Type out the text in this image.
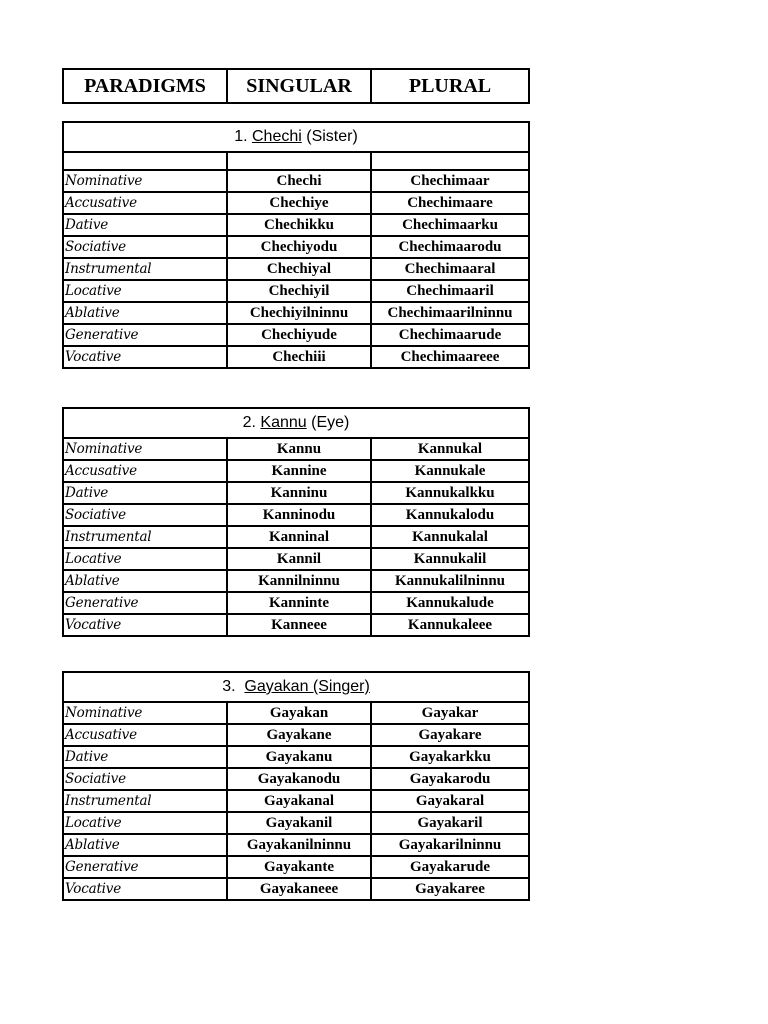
PARADIGMS	SINGULAR	PLURAL
1. Chechi (Sister)		

Nominative	Chechi	Chechimaar
Accusative	Chechiye	Chechimaare
Dative	Chechikku	Chechimaarku
Sociative	Chechiyodu	Chechimaarodu
Instrumental	Chechiyal	Chechimaaral
Locative	Chechiyil	Chechimaaril
Ablative	Chechiyilninnu	Chechimaarilninnu
Generative	Chechiyude	Chechimaarude
Vocative	Chechiii	Chechimaareee
2. Kannu (Eye)		
Nominative	Kannu	Kannukal
Accusative	Kannine	Kannukale
Dative	Kanninu	Kannukalkku
Sociative	Kanninodu	Kannukalodu
Instrumental	Kanninal	Kannukalal
Locative	Kannil	Kannukalil
Ablative	Kannilninnu	Kannukalilninnu
Generative	Kanninte	Kannukalude
Vocative	Kanneee	Kannukaleee
3. Gayakan (Singer)		
Nominative	Gayakan	Gayakar
Accusative	Gayakane	Gayakare
Dative	Gayakanu	Gayakarkku
Sociative	Gayakanodu	Gayakarodu
Instrumental	Gayakanal	Gayakaral
Locative	Gayakanil	Gayakaril
Ablative	Gayakanilninnu	Gayakarilninnu
Generative	Gayakante	Gayakarude
Vocative	Gayakaneee	Gayakaree
